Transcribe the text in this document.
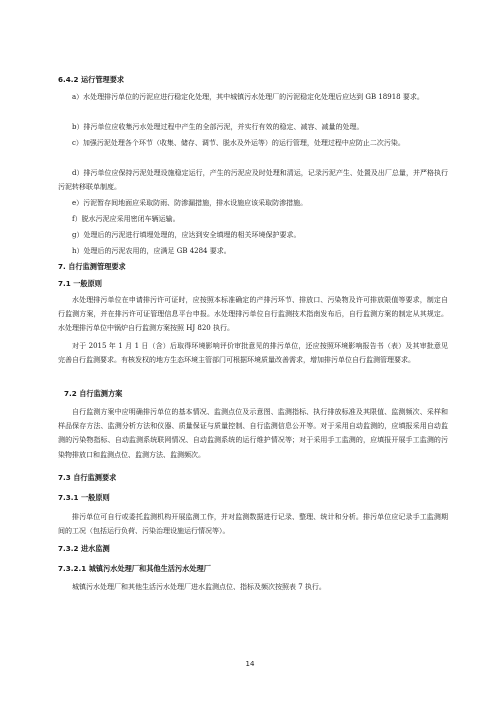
6.4.2 运行管理要求
a）水处理排污单位的污泥应进行稳定化处理，其中城镇污水处理厂的污泥稳定化处理后应达到 GB 18918 要求。
b）排污单位应收集污水处理过程中产生的全部污泥，并实行有效的稳定、减容、减量的处理。
c）加强污泥处理各个环节（收集、储存、调节、脱水及外运等）的运行管理，处理过程中应防止二次污染。
d）排污单位应保持污泥处理设施稳定运行，产生的污泥应及时处理和清运，记录污泥产生、处置及出厂总量，并严格执行污泥转移联单制度。
e）污泥暂存间地面应采取防雨、防渗漏措施，排水设施应该采取防渗措施。
f）脱水污泥应采用密闭车辆运输。
g）处理后的污泥进行填埋处理的，应达到安全填埋的相关环境保护要求。
h）处理后的污泥农用的，应满足 GB 4284 要求。
7. 自行监测管理要求
7.1 一般原则
水处理排污单位在申请排污许可证时，应按照本标准确定的产排污环节、排放口、污染物及许可排放限值等要求，制定自行监测方案，并在排污许可证管理信息平台申报。水处理排污单位自行监测技术指南发布后，自行监测方案的制定从其规定。水处理排污单位中锅炉自行监测方案按照 HJ 820 执行。
对于 2015 年 1 月 1 日（含）后取得环境影响评价审批意见的排污单位，还应按照环境影响报告书（表）及其审批意见完善自行监测要求。有核发权的地方生态环境主管部门可根据环境质量改善需求，增加排污单位自行监测管理要求。
7.2 自行监测方案
自行监测方案中应明确排污单位的基本情况、监测点位及示意图、监测指标、执行排放标准及其限值、监测频次、采样和样品保存方法、监测分析方法和仪器、质量保证与质量控制、自行监测信息公开等。对于采用自动监测的，应填报采用自动监测的污染物指标、自动监测系统联网情况、自动监测系统的运行维护情况等；对于采用手工监测的，应填报开展手工监测的污染物排放口和监测点位、监测方法、监测频次。
7.3 自行监测要求
7.3.1 一般原则
排污单位可自行或委托监测机构开展监测工作，并对监测数据进行记录、整理、统计和分析。排污单位应记录手工监测期间的工况（包括运行负荷、污染治理设施运行情况等）。
7.3.2 进水监测
7.3.2.1 城镇污水处理厂和其他生活污水处理厂
城镇污水处理厂和其他生活污水处理厂进水监测点位、指标及频次按照表 7 执行。
14
